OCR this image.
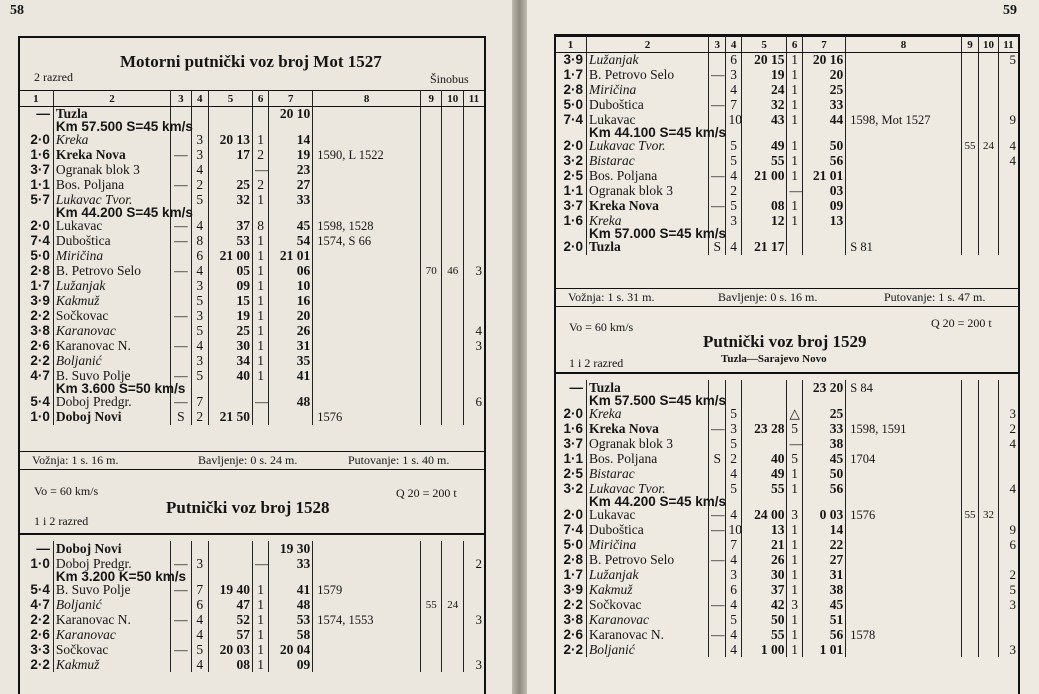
58
Motorni putnički voz broj Mot 1527
2 razred	Šinobus
1	2	3	4	5	6	7	8	9	10	11
—	Tuzla					20 10				
	Km 57.500 S=45 km/s									
2·0	Kreka		3	20 13	1	14				
1·6	Kreka Nova	—	3	17	2	19	1590, L 1522			
3·7	Ogranak blok 3		4		—	23				
1·1	Bos. Poljana	—	2	25	2	27				
5·7	Lukavac Tvor.		5	32	1	33				
	Km 44.200 S=45 km/s									
2·0	Lukavac	—	4	37	8	45	1598, 1528			
7·4	Duboštica	—	8	53	1	54	1574, S 66			
5·0	Miričina		6	21 00	1	21 01				
2·8	B. Petrovo Selo	—	4	05	1	06		70	46	3
1·7	Lužanjak		3	09	1	10				
3·9	Kakmuž		5	15	1	16				
2·2	Sočkovac	—	3	19	1	20				
3·8	Karanovac		5	25	1	26				4
2·6	Karanovac N.	—	4	30	1	31				3
2·2	Boljanić		3	34	1	35				
4·7	B. Suvo Polje	—	5	40	1	41				
	Km 3.600 S=50 km/s									
5·4	Doboj Predgr.	—	7		—	48				6
1·0	Doboj Novi	S	2	21 50			1576			
Vožnja: 1 s. 16 m.	Bavljenje: 0 s. 24 m.	Putovanje: 1 s. 40 m.
Vo = 60 km/s	Q 20 = 200 t
Putnički voz broj 1528
1 i 2 razred
—	Doboj Novi					19 30				
1·0	Doboj Predgr.	—	3		—	33				2
	Km 3.200 K=50 km/s									
5·4	B. Suvo Polje	—	7	19 40	1	41	1579			
4·7	Boljanić		6	47	1	48		55	24	
2·2	Karanovac N.	—	4	52	1	53	1574, 1553			3
2·6	Karanovac		4	57	1	58				
3·3	Sočkovac	—	5	20 03	1	20 04				
2·2	Kakmuž		4	08	1	09				3
59
1	2	3	4	5	6	7	8	9	10	11
3·9	Lužanjak		6	20 15	1	20 16				5
1·7	B. Petrovo Selo	—	3	19	1	20				
2·8	Miričina		4	24	1	25				
5·0	Duboštica	—	7	32	1	33				
7·4	Lukavac		10	43	1	44	1598, Mot 1527			9
	Km 44.100 S=45 km/s									
2·0	Lukavac Tvor.		5	49	1	50		55	24	4
3·2	Bistarac		5	55	1	56				4
2·5	Bos. Poljana	—	4	21 00	1	21 01				
1·1	Ogranak blok 3		2		—	03				
3·7	Kreka Nova	—	5	08	1	09				
1·6	Kreka		3	12	1	13				
	Km 57.000 S=45 km/s									
2·0	Tuzla	S	4	21 17			S 81			
Vožnja: 1 s. 31 m.	Bavljenje: 0 s. 16 m.	Putovanje: 1 s. 47 m.
Vo = 60 km/s	Q 20 = 200 t
Putnički voz broj 1529
1 i 2 razred	Tuzla—Sarajevo Novo
—	Tuzla					23 20	S 84			
	Km 57.500 S=45 km/s									
2·0	Kreka		5		△	25				3
1·6	Kreka Nova	—	3	23 28	5	33	1598, 1591			2
3·7	Ogranak blok 3		5		—	38				4
1·1	Bos. Poljana	S	2	40	5	45	1704			
2·5	Bistarac		4	49	1	50				
3·2	Lukavac Tvor.		5	55	1	56				4
	Km 44.200 S=45 km/s									
2·0	Lukavac	—	4	24 00	3	0 03	1576	55	32	
7·4	Duboštica	—	10	13	1	14				9
5·0	Miričina		7	21	1	22				6
2·8	B. Petrovo Selo	—	4	26	1	27				
1·7	Lužanjak		3	30	1	31				2
3·9	Kakmuž		6	37	1	38				5
2·2	Sočkovac	—	4	42	3	45				3
3·8	Karanovac		5	50	1	51				
2·6	Karanovac N.	—	4	55	1	56	1578			
2·2	Boljanić		4	1 00	1	1 01				3
